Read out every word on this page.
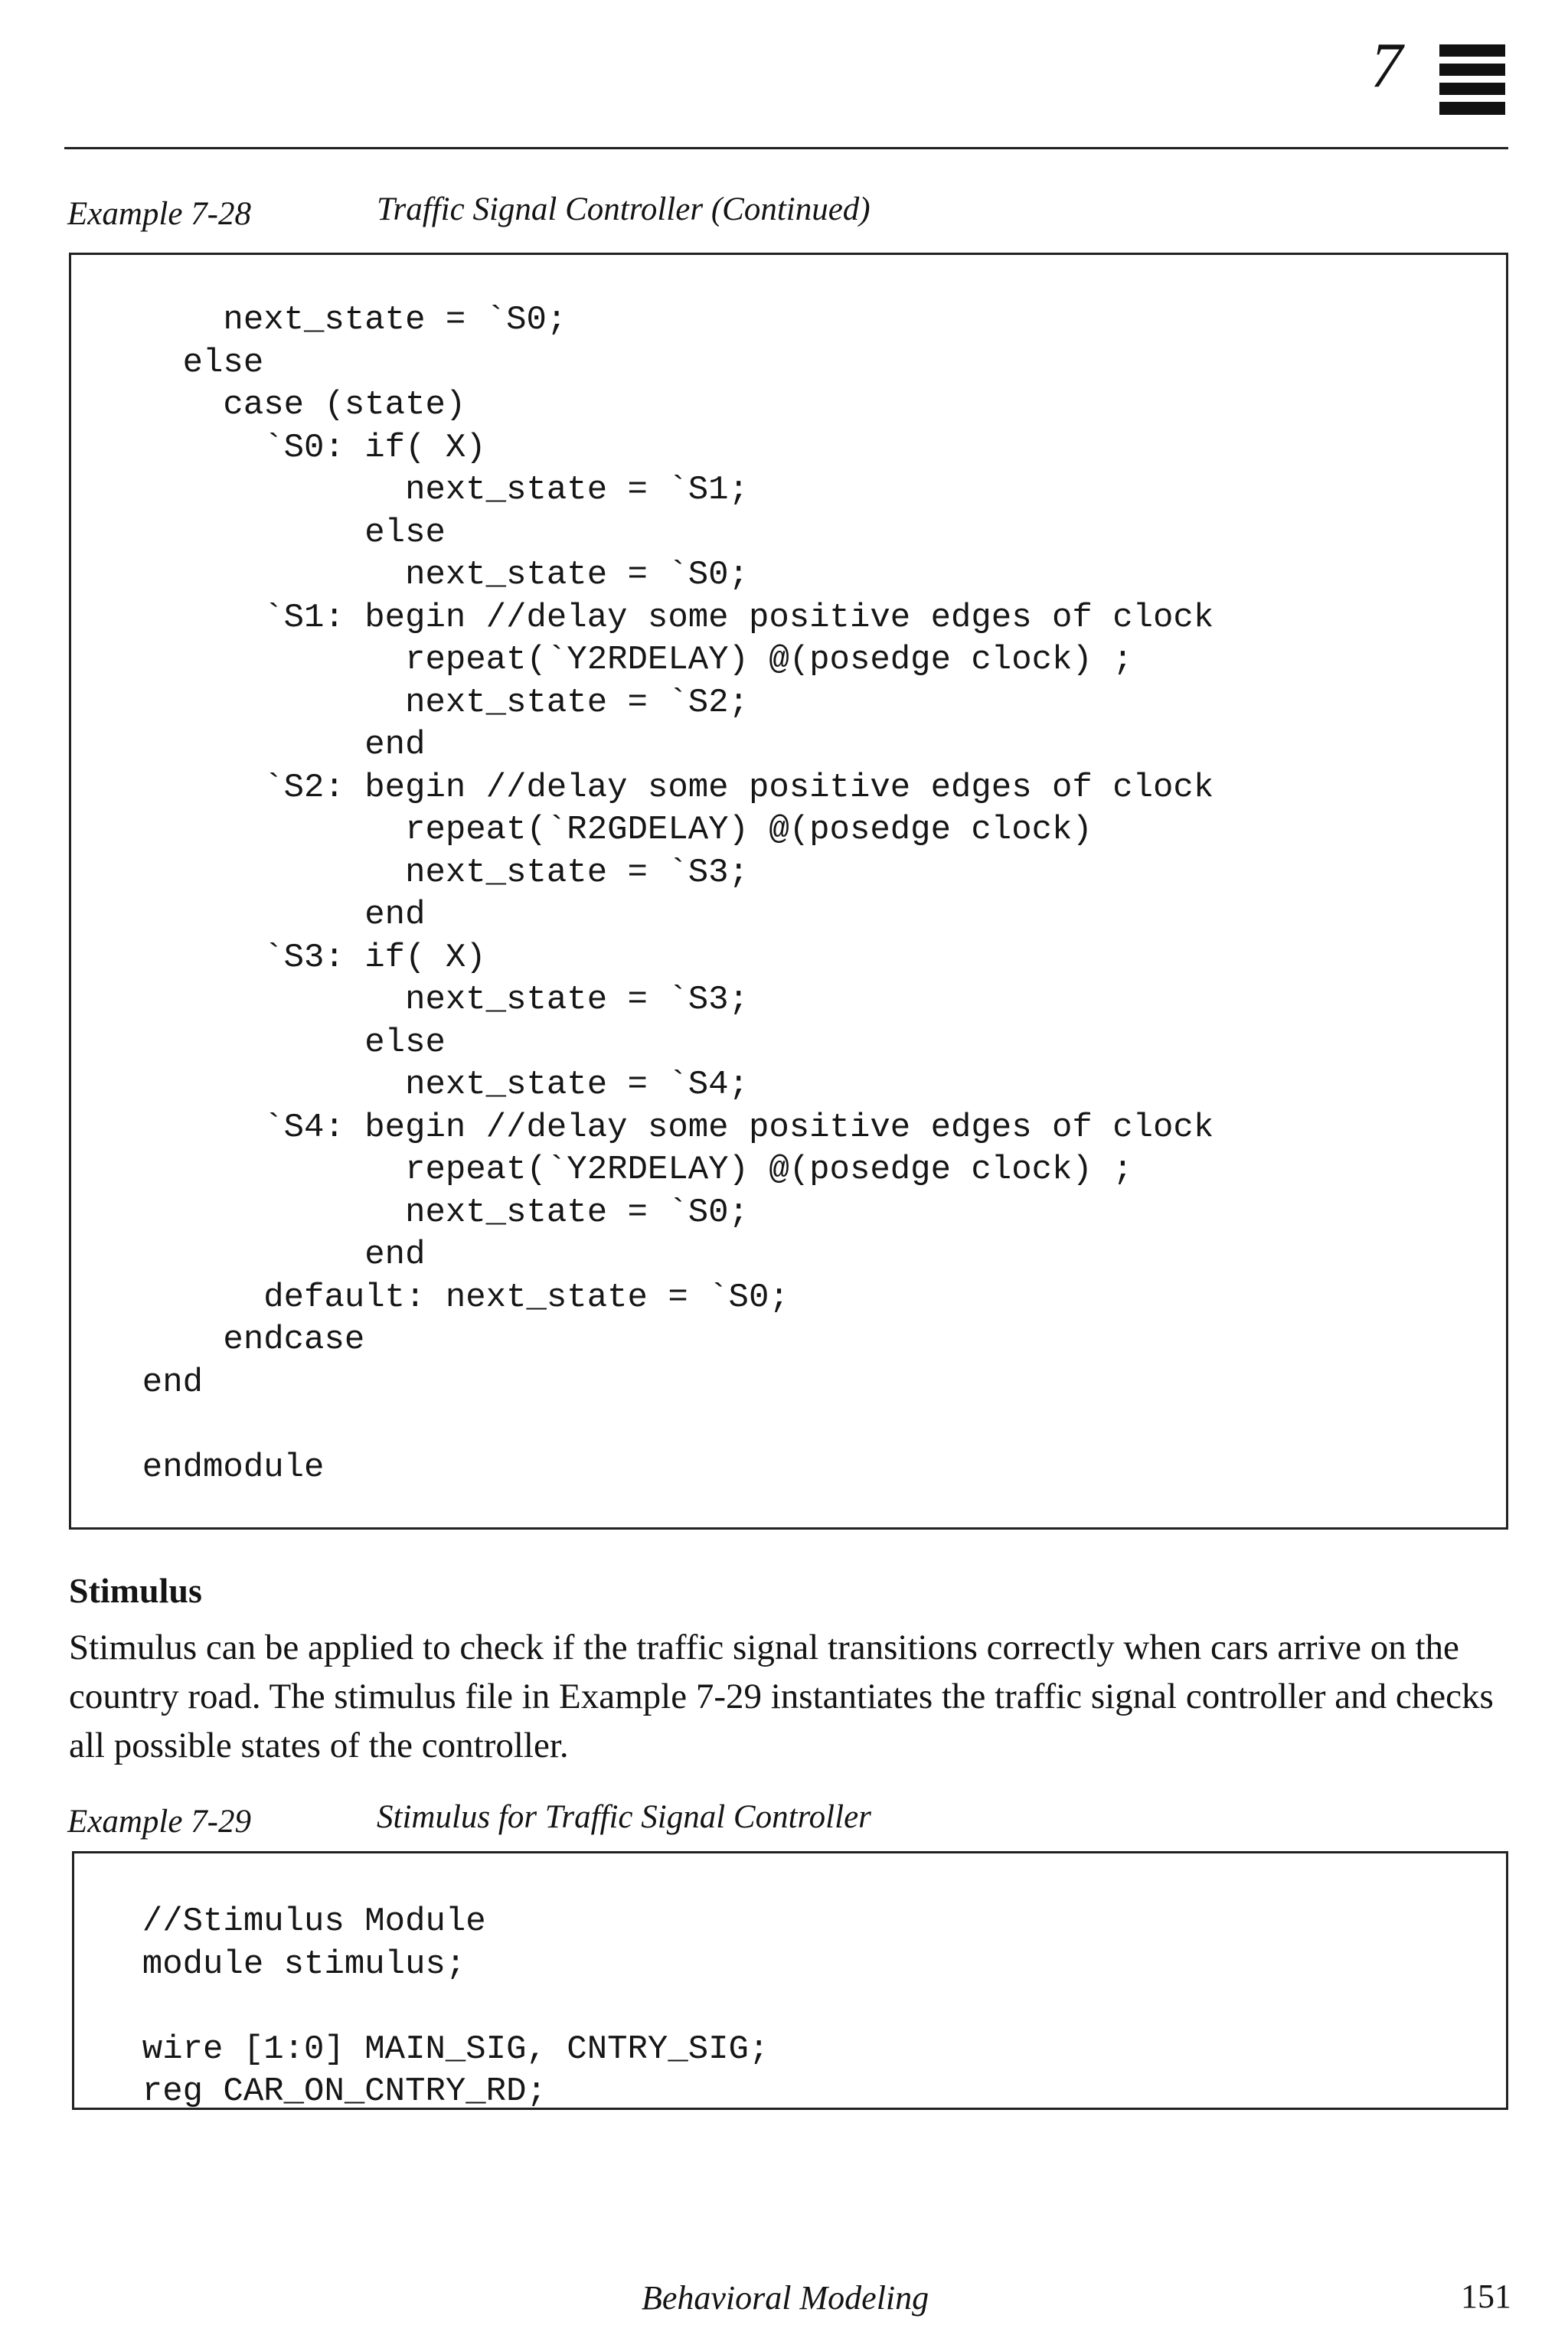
7
Example 7-28	Traffic Signal Controller (Continued)
next_state = `S0;
else
case (state)
`S0: if( X)
next_state = `S1;
else
next_state = `S0;
`S1: begin //delay some positive edges of clock
repeat(`Y2RDELAY) @(posedge clock) ;
next_state = `S2;
end
`S2: begin //delay some positive edges of clock
repeat(`R2GDELAY) @(posedge clock)
next_state = `S3;
end
`S3: if( X)
next_state = `S3;
else
next_state = `S4;
`S4: begin //delay some positive edges of clock
repeat(`Y2RDELAY) @(posedge clock) ;
next_state = `S0;
end
default: next_state = `S0;
endcase
end

endmodule
Stimulus

Stimulus can be applied to check if the traffic signal transitions correctly when cars arrive on the country road. The stimulus file in Example 7-29 instantiates the traffic signal controller and checks all possible states of the controller.

Example 7-29	Stimulus for Traffic Signal Controller
//Stimulus Module
module stimulus;

wire [1:0] MAIN_SIG, CNTRY_SIG;
reg CAR_ON_CNTRY_RD;
Behavioral Modeling	151
